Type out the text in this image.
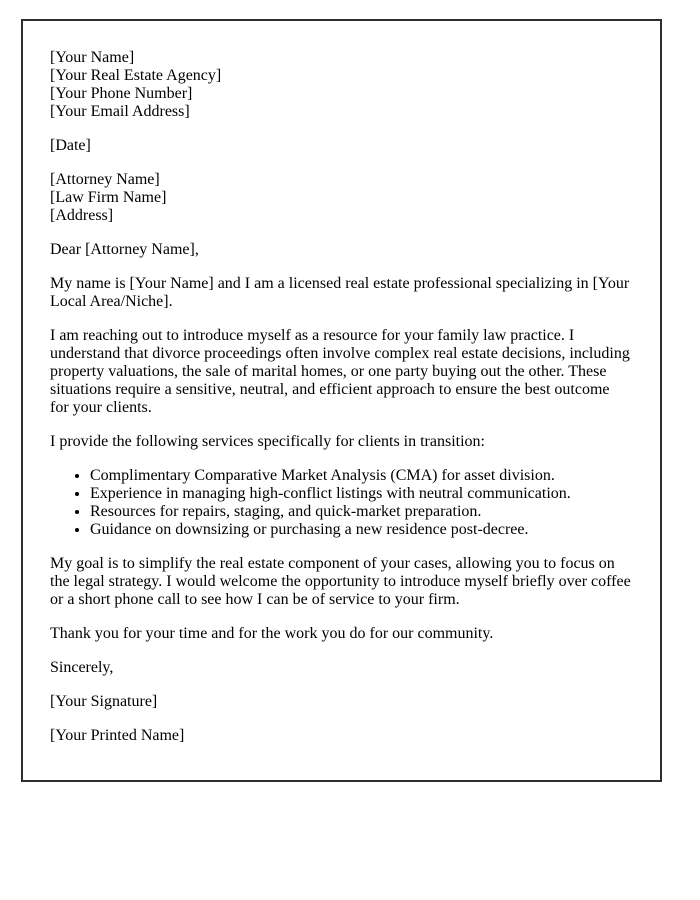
[Your Name]
[Your Real Estate Agency]
[Your Phone Number]
[Your Email Address]

[Date]

[Attorney Name]
[Law Firm Name]
[Address]

Dear [Attorney Name],

My name is [Your Name] and I am a licensed real estate professional specializing in [Your Local Area/Niche].

I am reaching out to introduce myself as a resource for your family law practice. I understand that divorce proceedings often involve complex real estate decisions, including property valuations, the sale of marital homes, or one party buying out the other. These situations require a sensitive, neutral, and efficient approach to ensure the best outcome for your clients.

I provide the following services specifically for clients in transition:

• Complimentary Comparative Market Analysis (CMA) for asset division.
• Experience in managing high-conflict listings with neutral communication.
• Resources for repairs, staging, and quick-market preparation.
• Guidance on downsizing or purchasing a new residence post-decree.

My goal is to simplify the real estate component of your cases, allowing you to focus on the legal strategy. I would welcome the opportunity to introduce myself briefly over coffee or a short phone call to see how I can be of service to your firm.

Thank you for your time and for the work you do for our community.

Sincerely,

[Your Signature]

[Your Printed Name]
